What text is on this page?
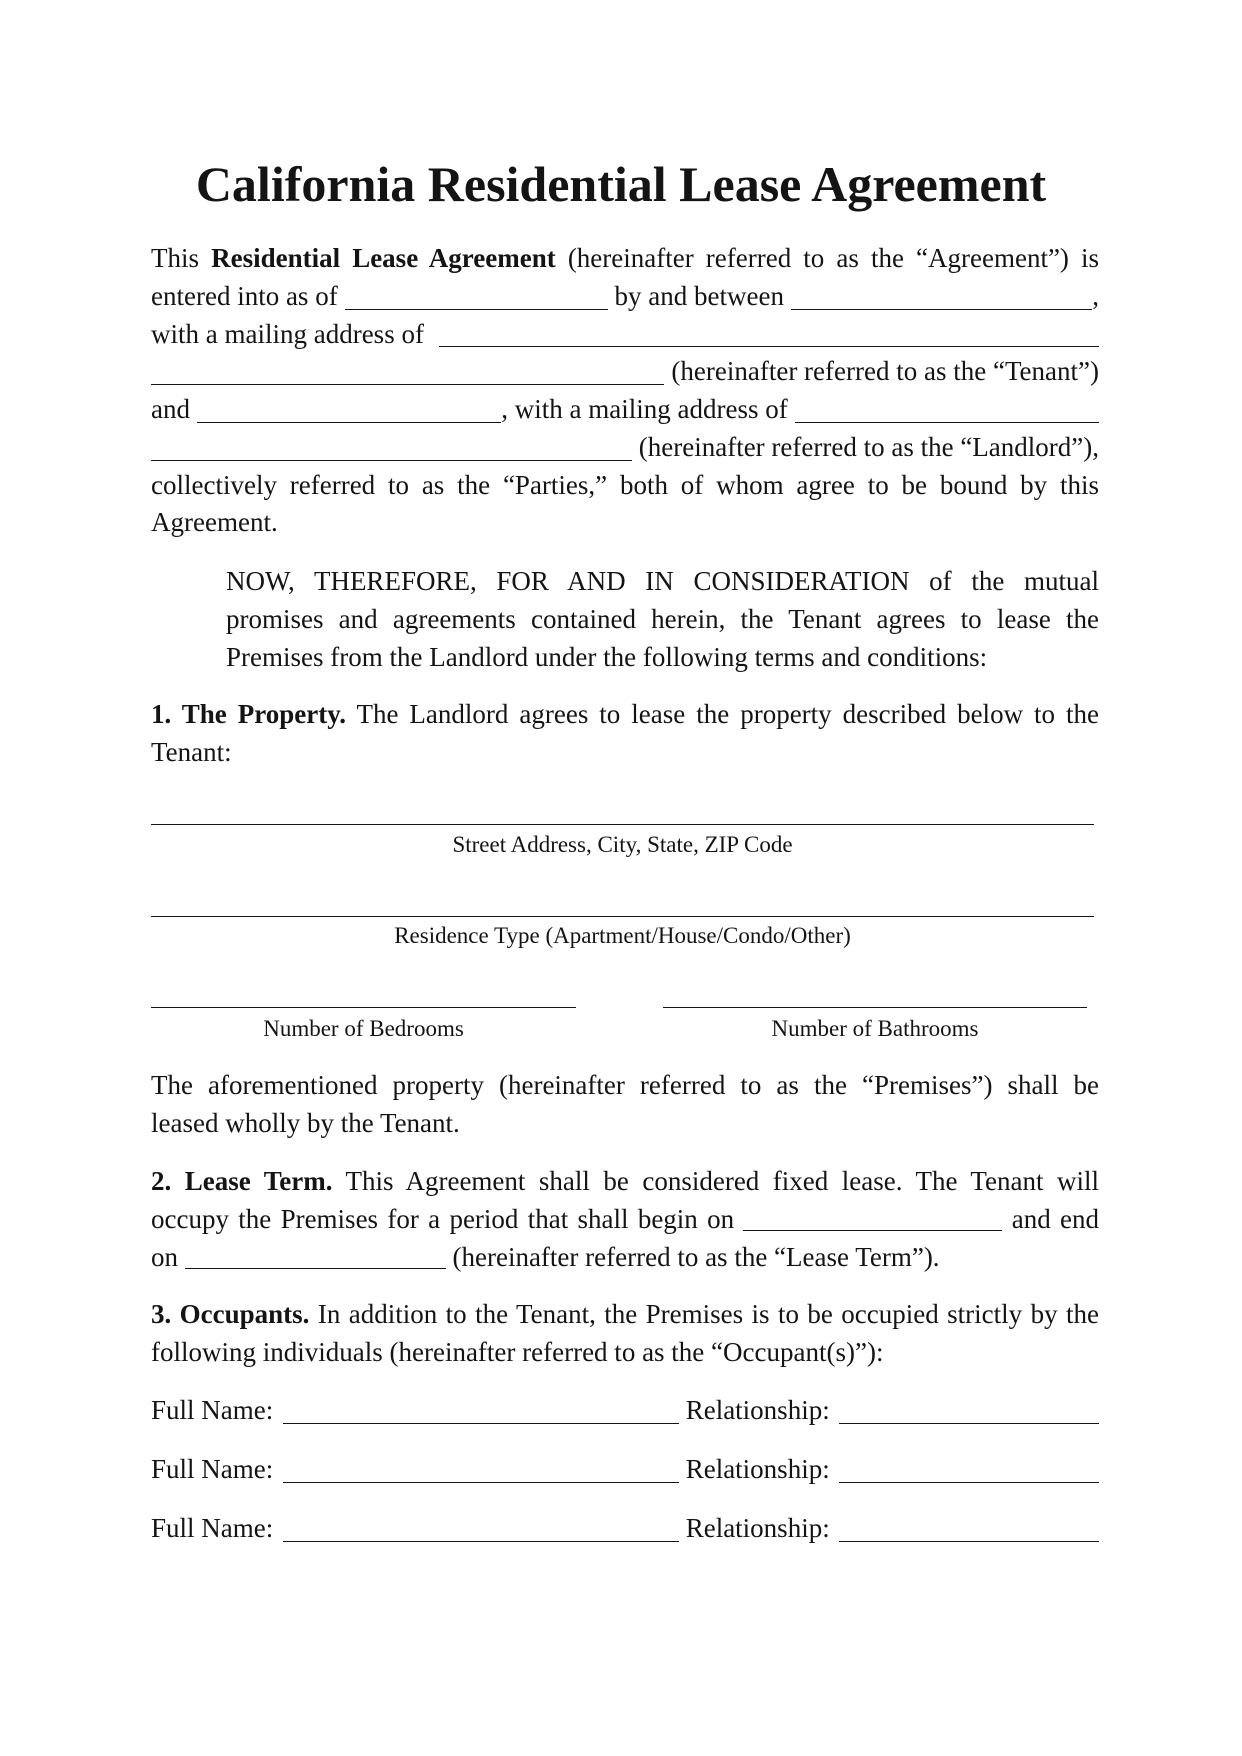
California Residential Lease Agreement
This Residential Lease Agreement (hereinafter referred to as the “Agreement”) is
entered into as of	by and between	,
with a mailing address of
(hereinafter referred to as the “Tenant”)
and	, with a mailing address of
(hereinafter referred to as the “Landlord”),
collectively referred to as the “Parties,” both of whom agree to be bound by this
Agreement.
NOW, THEREFORE, FOR AND IN CONSIDERATION of the mutual
promises and agreements contained herein, the Tenant agrees to lease the
Premises from the Landlord under the following terms and conditions:
1. The Property. The Landlord agrees to lease the property described below to the
Tenant:
Street Address, City, State, ZIP Code
Residence Type (Apartment/House/Condo/Other)
Number of Bedrooms	Number of Bathrooms
The aforementioned property (hereinafter referred to as the “Premises”) shall be
leased wholly by the Tenant.
2. Lease Term. This Agreement shall be considered fixed lease. The Tenant will
occupy the Premises for a period that shall begin on	and end
on	(hereinafter referred to as the “Lease Term”).
3. Occupants. In addition to the Tenant, the Premises is to be occupied strictly by the
following individuals (hereinafter referred to as the “Occupant(s)”):
Full Name:	Relationship:
Full Name:	Relationship:
Full Name:	Relationship:
